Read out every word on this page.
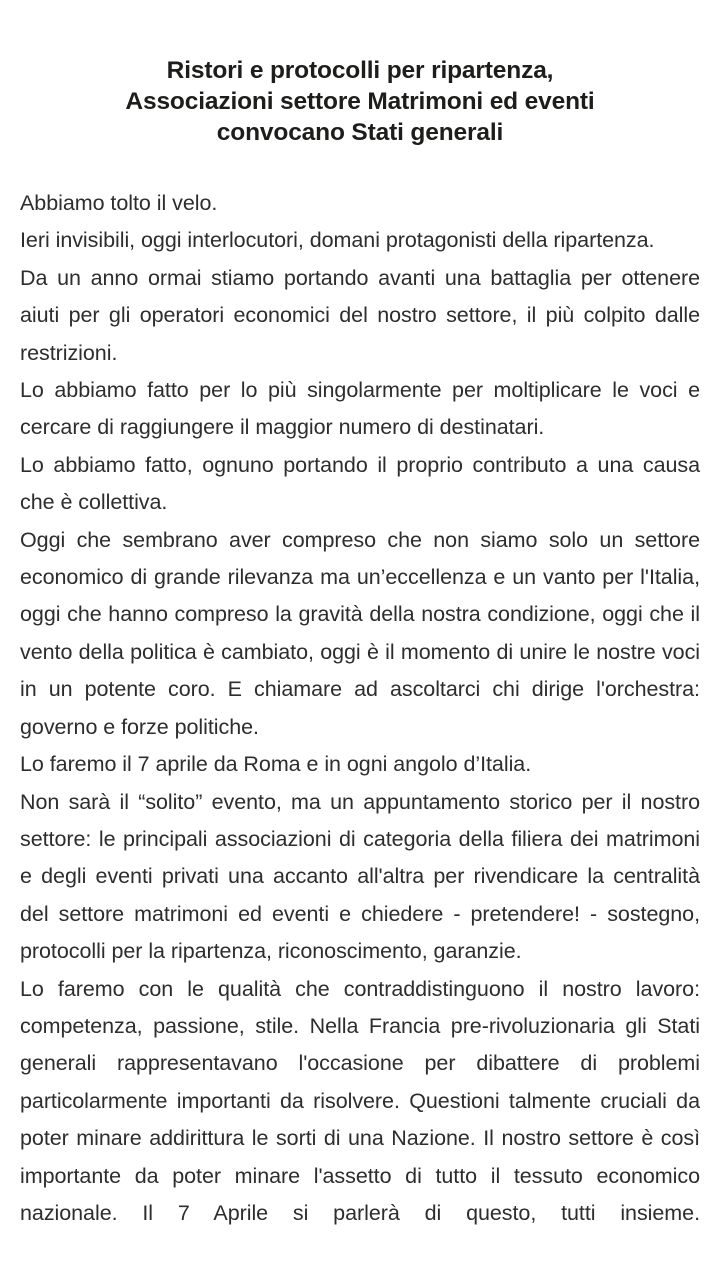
Ristori e protocolli per ripartenza,
Associazioni settore Matrimoni ed eventi
convocano Stati generali

Abbiamo tolto il velo.

Ieri invisibili, oggi interlocutori, domani protagonisti della ripartenza.

Da un anno ormai stiamo portando avanti una battaglia per ottenere aiuti per gli operatori economici del nostro settore, il più colpito dalle restrizioni.

Lo abbiamo fatto per lo più singolarmente per moltiplicare le voci e cercare di raggiungere il maggior numero di destinatari.

Lo abbiamo fatto, ognuno portando il proprio contributo a una causa che è collettiva.

Oggi che sembrano aver compreso che non siamo solo un settore economico di grande rilevanza ma un’eccellenza e un vanto per l'Italia, oggi che hanno compreso la gravità della nostra condizione, oggi che il vento della politica è cambiato, oggi è il momento di unire le nostre voci in un potente coro. E chiamare ad ascoltarci chi dirige l'orchestra: governo e forze politiche.

Lo faremo il 7 aprile da Roma e in ogni angolo d’Italia.

Non sarà il “solito” evento, ma un appuntamento storico per il nostro settore: le principali associazioni di categoria della filiera dei matrimoni e degli eventi privati una accanto all'altra per rivendicare la centralità del settore matrimoni ed eventi e chiedere - pretendere! - sostegno, protocolli per la ripartenza, riconoscimento, garanzie.

Lo faremo con le qualità che contraddistinguono il nostro lavoro: competenza, passione, stile. Nella Francia pre-rivoluzionaria gli Stati generali rappresentavano l'occasione per dibattere di problemi particolarmente importanti da risolvere. Questioni talmente cruciali da poter minare addirittura le sorti di una Nazione. Il nostro settore è così importante da poter minare l'assetto di tutto il tessuto economico nazionale. Il 7 Aprile si parlerà di questo, tutti insieme.
